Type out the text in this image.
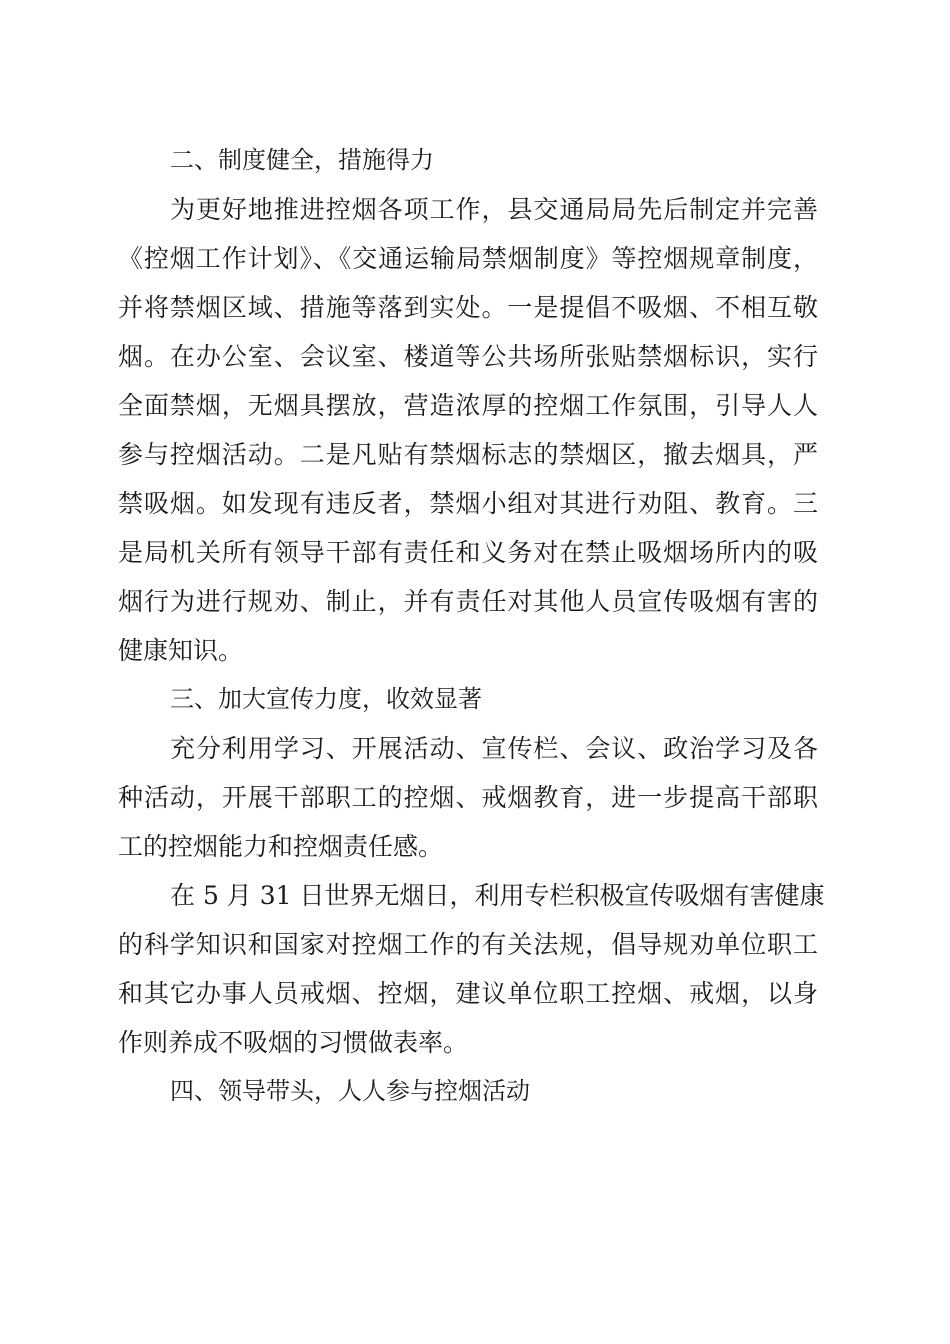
二、制度健全，措施得力

为更好地推进控烟各项工作，县交通局局先后制定并完善
《控烟工作计划》、《交通运输局禁烟制度》等控烟规章制度，
并将禁烟区域、措施等落到实处。一是提倡不吸烟、不相互敬
烟。在办公室、会议室、楼道等公共场所张贴禁烟标识，实行
全面禁烟，无烟具摆放，营造浓厚的控烟工作氛围，引导人人
参与控烟活动。二是凡贴有禁烟标志的禁烟区，撤去烟具，严
禁吸烟。如发现有违反者，禁烟小组对其进行劝阻、教育。三
是局机关所有领导干部有责任和义务对在禁止吸烟场所内的吸
烟行为进行规劝、制止，并有责任对其他人员宣传吸烟有害的
健康知识。

三、加大宣传力度，收效显著

充分利用学习、开展活动、宣传栏、会议、政治学习及各
种活动，开展干部职工的控烟、戒烟教育，进一步提高干部职
工的控烟能力和控烟责任感。

在 5 月 31 日世界无烟日，利用专栏积极宣传吸烟有害健康
的科学知识和国家对控烟工作的有关法规，倡导规劝单位职工
和其它办事人员戒烟、控烟，建议单位职工控烟、戒烟，以身
作则养成不吸烟的习惯做表率。

四、领导带头，人人参与控烟活动
